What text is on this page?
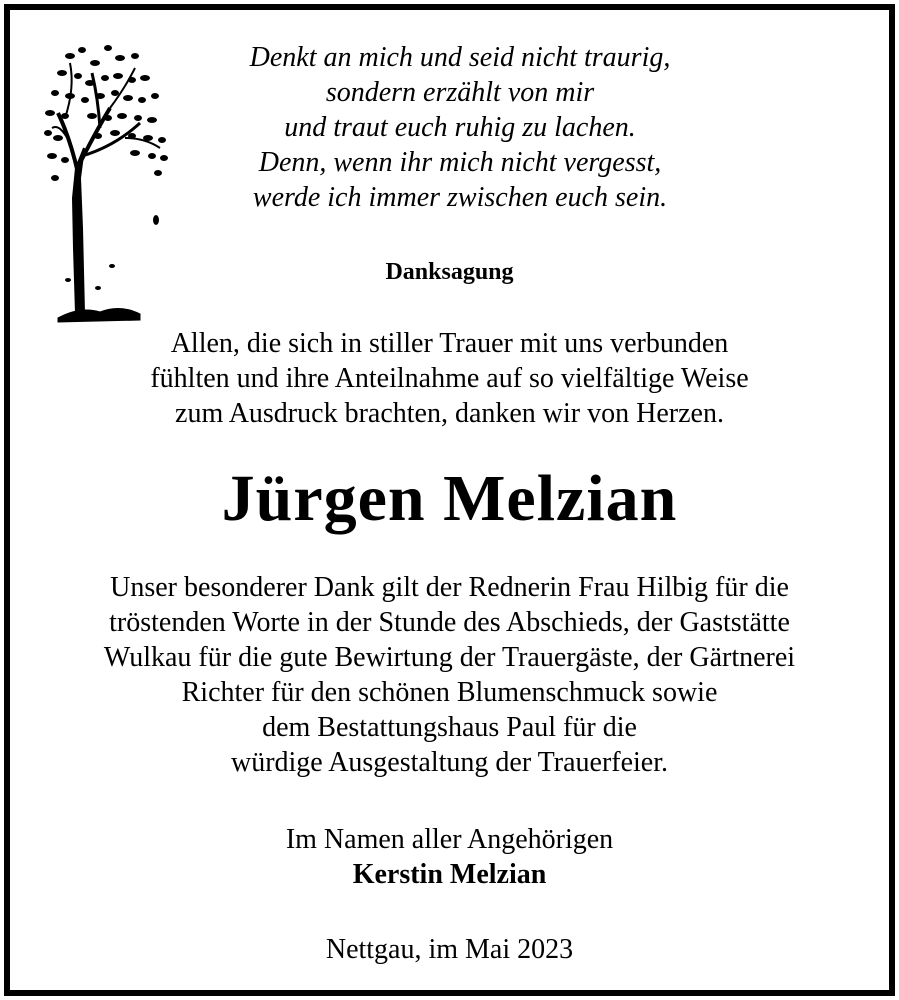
Denkt an mich und seid nicht traurig,
sondern erzählt von mir
und traut euch ruhig zu lachen.
Denn, wenn ihr mich nicht vergesst,
werde ich immer zwischen euch sein.
Danksagung
Allen, die sich in stiller Trauer mit uns verbunden
fühlten und ihre Anteilnahme auf so vielfältige Weise
zum Ausdruck brachten, danken wir von Herzen.
Jürgen Melzian
Unser besonderer Dank gilt der Rednerin Frau Hilbig für die
tröstenden Worte in der Stunde des Abschieds, der Gaststätte
Wulkau für die gute Bewirtung der Trauergäste, der Gärtnerei
Richter für den schönen Blumenschmuck sowie
dem Bestattungshaus Paul für die
würdige Ausgestaltung der Trauerfeier.
Im Namen aller Angehörigen
Kerstin Melzian
Nettgau, im Mai 2023
